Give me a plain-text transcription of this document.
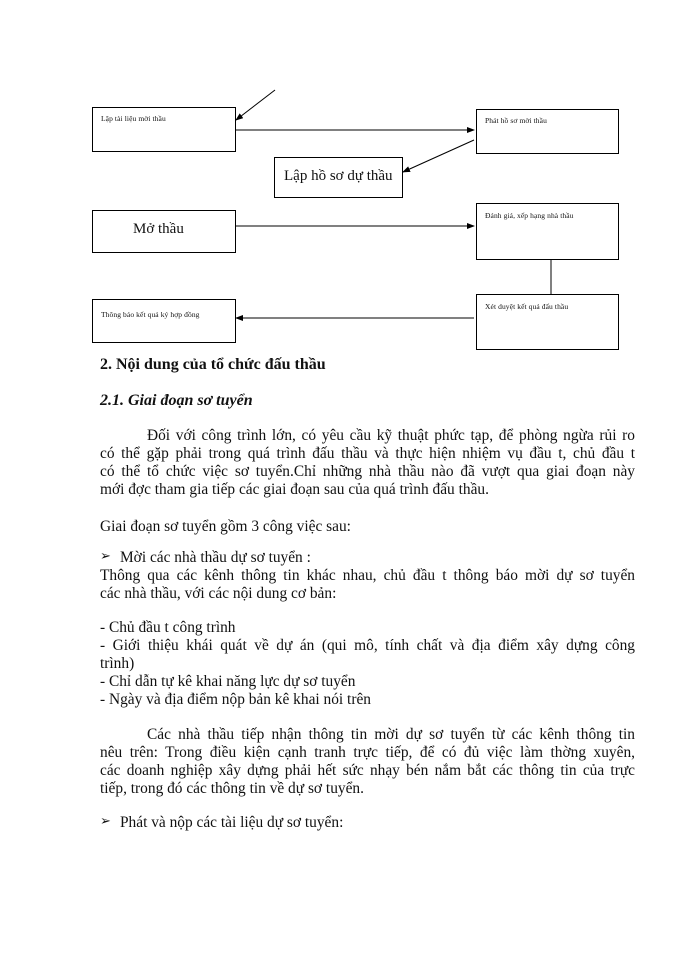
Lập tài liệu mời thầu	Phát hồ sơ mời thầu
Lập hồ sơ dự thầu
Mở thầu
Đánh giá, xếp hạng nhà thầu
Xét duyệt kết quả đấu thầu
Thông báo kết quả ký hợp đồng
2. Nội dung của tổ chức đấu thầu
2.1. Giai đoạn sơ tuyển
Đối với công trình lớn, có yêu cầu kỹ thuật phức tạp, để phòng ngừa rủi ro
có thể gặp phải trong quá trình đấu thầu và thực hiện nhiệm vụ đầu t, chủ đầu t
có thể tổ chức việc sơ tuyển.Chỉ những nhà thầu nào đã vượt qua giai đoạn này
mới đợc tham gia tiếp các giai đoạn sau của quá trình đấu thầu.
Giai đoạn sơ tuyển gồm 3 công việc sau:
➢ Mời các nhà thầu dự sơ tuyển :
Thông qua các kênh thông tin khác nhau, chủ đầu t thông báo mời dự sơ tuyển
các nhà thầu, với các nội dung cơ bản:
- Chủ đầu t công trình
- Giới thiệu khái quát về dự án (qui mô, tính chất và địa điểm xây dựng công
trình)
- Chỉ dẫn tự kê khai năng lực dự sơ tuyển
- Ngày và địa điểm nộp bản kê khai nói trên
Các nhà thầu tiếp nhận thông tin mời dự sơ tuyển từ các kênh thông tin
nêu trên: Trong điều kiện cạnh tranh trực tiếp, để có đủ việc làm thờng xuyên,
các doanh nghiệp xây dựng phải hết sức nhạy bén nắm bắt các thông tin của trực
tiếp, trong đó các thông tin về dự sơ tuyển.
➢ Phát và nộp các tài liệu dự sơ tuyển:
